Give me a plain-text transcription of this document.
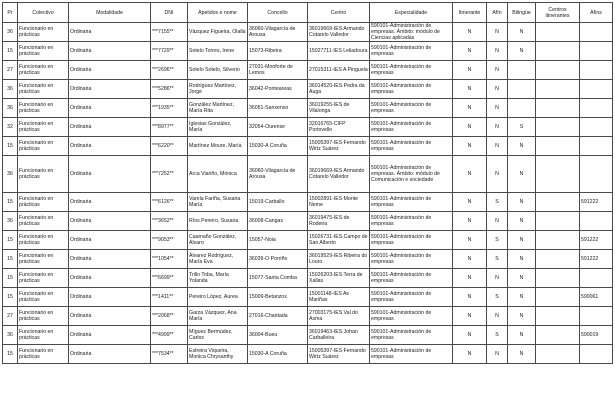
Pr	Colectivo	Modalidade	DNI	Apelidos e nome	Concello	Centro	Especialidade	Itinerante	Afín	Bilingüe	Centros itinerantes	Afíns
36	Funcionario en prácticas	Ordinaria	***7155**	Vázquez Figueira, Olalla	36060-Vilagarcía de Arousa	36019669-IES Armando Cotarelo Valledor	590101-Administración de empresas. Ámbito: módulo de Ciencias aplicadas	N	N	N		
15	Funcionario en prácticas	Ordinaria	***7729**	Sotelo Torres, Irene	15073-Ribeira	15027711-IES Leliadoura	590101-Administración de empresas	N	N	N		
27	Funcionario en prácticas	Ordinaria	***2696**	Sotelo Sotelo, Silverio	27031-Monforte de Lemos	27015311-IES A Pinguela	590101-Administración de empresas	N	N			
36	Funcionario en prácticas	Ordinaria	***5286**	Rodríguez Martínez, Jorge	36042-Ponteareas	36014520-IES Pedra da Auga	590101-Administración de empresas	N	N			
36	Funcionario en prácticas	Ordinaria	***1935**	González Martínez, María Rita	36051-Sanxenxo	36019255-IES de Vilalonga	590101-Administración de empresas	N	N			
32	Funcionario en prácticas	Ordinaria	***8977**	Iglesias González, María	32054-Ourense	32016765-CIFP Portovello	590101-Administración de empresas	N	N	S		
15	Funcionario en prácticas	Ordinaria	***6220**	Martínez Moure, María	15030-A Coruña	15005397-IES Fernando Wirtz Suárez	590101-Administración de empresas	N	N	N		
36	Funcionario en prácticas	Ordinaria	***7252**	Arca Viariño, Mónica	36060-Vilagarcía de Arousa	36019669-IES Armando Cotarelo Valledor	590101-Administración de empresas. Ámbito: módulo de Comunicación e sociedade	N	N	N		
15	Funcionario en prácticas	Ordinaria	***6126**	Varela Fariña, Susana María	15019-Carballo	15002891-IES Monte Neme	590101-Administración de empresas	N	S	N		591222
36	Funcionario en prácticas	Ordinaria	***3652**	Ríos Pereiro, Susana	36008-Cangas	36019475-IES de Rodeira	590101-Administración de empresas	N	N	N		
15	Funcionario en prácticas	Ordinaria	***9053**	Caamaño González, Álvaro	15057-Noia	15026731-IES Campo de San Alberto	590101-Administración de empresas	N	S	N		591222
15	Funcionario en prácticas	Ordinaria	***1054**	Álvarez Rodríguez, María Eva	36039-O Porriño	36019529-IES Ribeira do Louro	590101-Administración de empresas	N	S	N		591222
15	Funcionario en prácticas	Ordinaria	***6699**	Trillo Toba, María Yolanda	15077-Santa Comba	15026203-IES Terra de Xallas	590101-Administración de empresas	N	N	N		
15	Funcionario en prácticas	Ordinaria	***1411**	Pereiro López, Aurea	15009-Betanzos	15001148-IES As Mariñas	590101-Administración de empresas	N	S	N		590061
27	Funcionario en prácticas	Ordinaria	***2068**	Garza Vázquez, Ana María	27016-Chantada	27003175-IES Val do Asma	590101-Administración de empresas	N	N	N		
36	Funcionario en prácticas	Ordinaria	***4999**	Míguez Bermúdez, Carlos	36004-Bueu	36019463-IES Johan Carballeira	590101-Administración de empresas	N	S	N		590019
15	Funcionario en prácticas	Ordinaria	***7534**	Estreira Viqueira, Monica Chrysanthy	15030-A Coruña	15005397-IES Fernando Wirtz Suárez	590101-Administración de empresas	N	N	N		
